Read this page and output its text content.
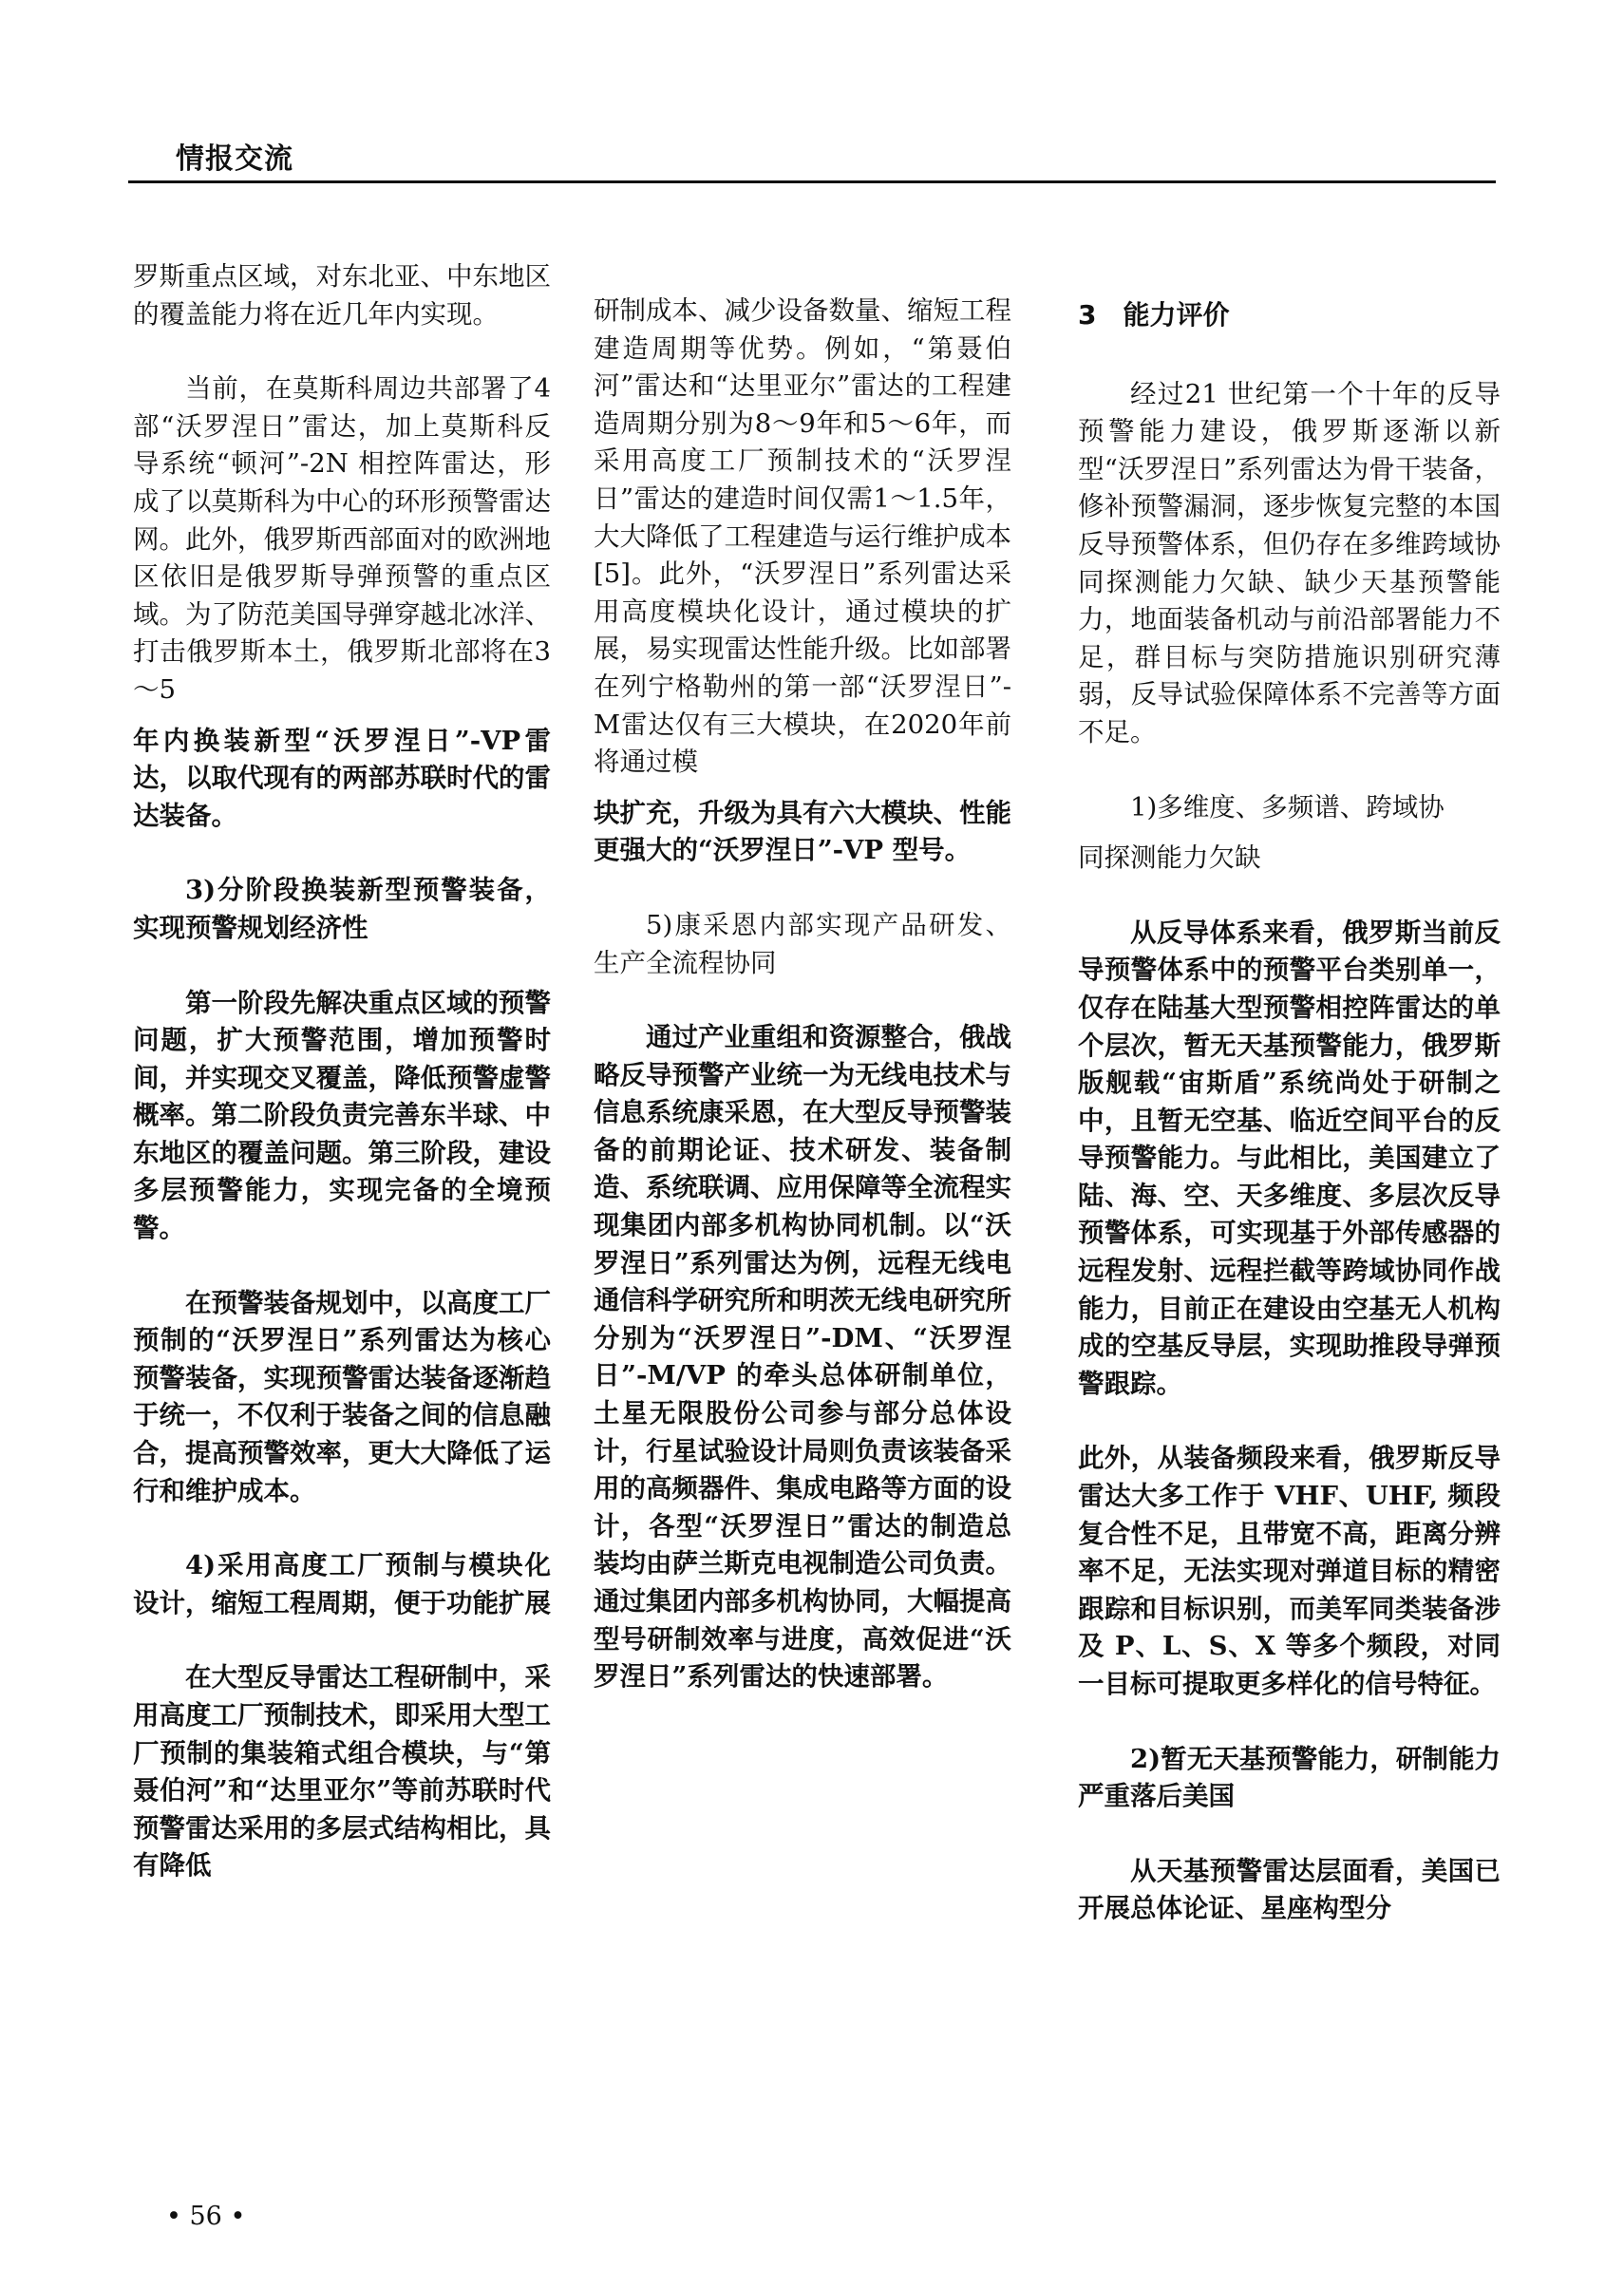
情报交流

罗斯重点区域，对东北亚、中东地区的覆盖能力将在近几年内实现。

当前，在莫斯科周边共部署了4部“沃罗涅日”雷达，加上莫斯科反导系统“顿河”-2N 相控阵雷达，形成了以莫斯科为中心的环形预警雷达网。此外，俄罗斯西部面对的欧洲地区依旧是俄罗斯导弹预警的重点区域。为了防范美国导弹穿越北冰洋、打击俄罗斯本土，俄罗斯北部将在3～5

年内换装新型“沃罗涅日”-VP雷达，以取代现有的两部苏联时代的雷达装备。

3)分阶段换装新型预警装备，实现预警规划经济性

第一阶段先解决重点区域的预警问题，扩大预警范围，增加预警时间，并实现交叉覆盖，降低预警虚警概率。第二阶段负责完善东半球、中东地区的覆盖问题。第三阶段，建设多层预警能力，实现完备的全境预警。

在预警装备规划中，以高度工厂预制的“沃罗涅日”系列雷达为核心预警装备，实现预警雷达装备逐渐趋于统一，不仅利于装备之间的信息融合，提高预警效率，更大大降低了运行和维护成本。

4)采用高度工厂预制与模块化设计，缩短工程周期，便于功能扩展

在大型反导雷达工程研制中，采用高度工厂预制技术，即采用大型工厂预制的集装箱式组合模块，与“第聂伯河”和“达里亚尔”等前苏联时代预警雷达采用的多层式结构相比，具有降低

研制成本、减少设备数量、缩短工程建造周期等优势。例如，“第聂伯河”雷达和“达里亚尔”雷达的工程建造周期分别为8～9年和5～6年，而采用高度工厂预制技术的“沃罗涅日”雷达的建造时间仅需1～1.5年，大大降低了工程建造与运行维护成本[5]。此外，“沃罗涅日”系列雷达采用高度模块化设计，通过模块的扩展，易实现雷达性能升级。比如部署在列宁格勒州的第一部“沃罗涅日”-M雷达仅有三大模块，在2020年前将通过模

块扩充，升级为具有六大模块、性能更强大的“沃罗涅日”-VP 型号。

5)康采恩内部实现产品研发、生产全流程协同

通过产业重组和资源整合，俄战略反导预警产业统一为无线电技术与信息系统康采恩，在大型反导预警装备的前期论证、技术研发、装备制造、系统联调、应用保障等全流程实现集团内部多机构协同机制。以“沃罗涅日”系列雷达为例，远程无线电通信科学研究所和明茨无线电研究所分别为“沃罗涅日”-DM、“沃罗涅日”-M/VP 的牵头总体研制单位，土星无限股份公司参与部分总体设计，行星试验设计局则负责该装备采用的高频器件、集成电路等方面的设计，各型“沃罗涅日”雷达的制造总装均由萨兰斯克电视制造公司负责。通过集团内部多机构协同，大幅提高型号研制效率与进度，高效促进“沃罗涅日”系列雷达的快速部署。

3　能力评价

经过21 世纪第一个十年的反导预警能力建设，俄罗斯逐渐以新型“沃罗涅日”系列雷达为骨干装备，修补预警漏洞，逐步恢复完整的本国反导预警体系，但仍存在多维跨域协同探测能力欠缺、缺少天基预警能力，地面装备机动与前沿部署能力不足，群目标与突防措施识别研究薄弱，反导试验保障体系不完善等方面不足。

1)多维度、多频谱、跨域协

同探测能力欠缺

从反导体系来看，俄罗斯当前反导预警体系中的预警平台类别单一，仅存在陆基大型预警相控阵雷达的单个层次，暂无天基预警能力，俄罗斯版舰载“宙斯盾”系统尚处于研制之中，且暂无空基、临近空间平台的反导预警能力。与此相比，美国建立了陆、海、空、天多维度、多层次反导预警体系，可实现基于外部传感器的远程发射、远程拦截等跨域协同作战能力，目前正在建设由空基无人机构成的空基反导层，实现助推段导弹预警跟踪。

此外，从装备频段来看，俄罗斯反导雷达大多工作于 VHF、UHF, 频段复合性不足，且带宽不高，距离分辨率不足，无法实现对弹道目标的精密跟踪和目标识别，而美军同类装备涉及 P、L、S、X 等多个频段，对同一目标可提取更多样化的信号特征。

2)暂无天基预警能力，研制能力严重落后美国

从天基预警雷达层面看，美国已开展总体论证、星座构型分

• 56 •
